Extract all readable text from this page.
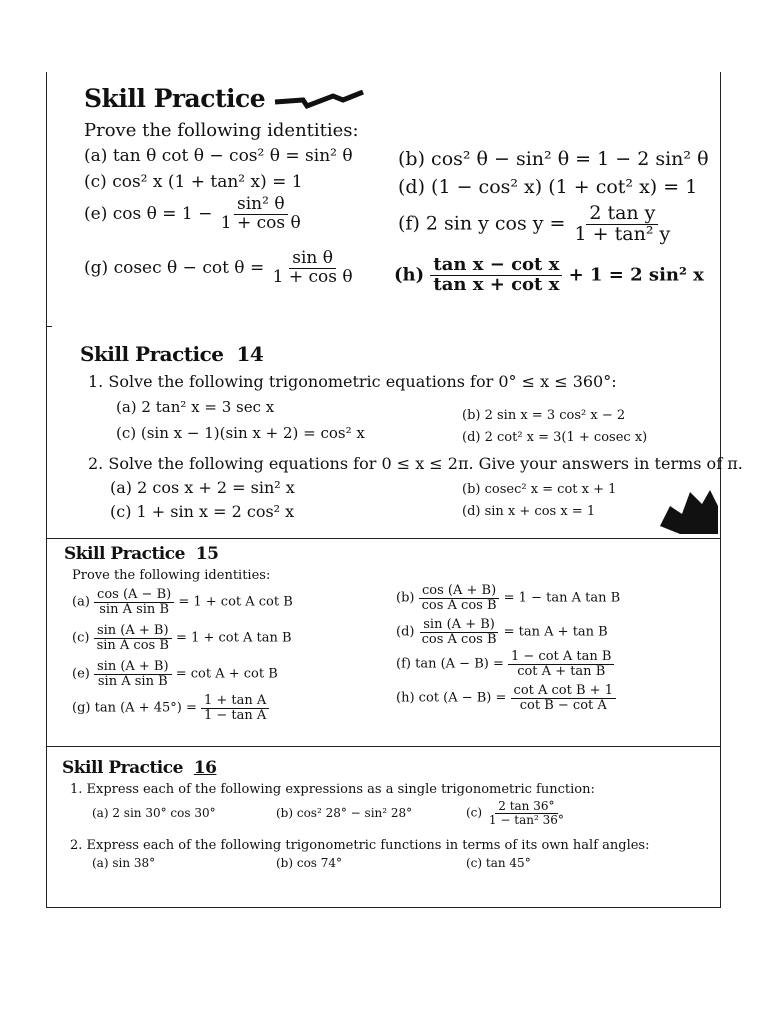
Skill Practice
Prove the following identities:
(a) tan θ cot θ − cos² θ = sin² θ (b) cos² θ − sin² θ = 1 − 2 sin² θ
(c) cos² x (1 + tan² x) = 1	(d) (1 − cos² x) (1 + cot² x) = 1
(e) $\cos \theta = 1 - \frac{\text{sin² θ}}{\text{1 + cos θ}}$	(f) 2 sin y $\cos y = \frac{\text{2 tan y}}{\text{1 + tan² y}}$
(g) cosec $\theta - \cot \theta = \frac{\text{sin θ}}{\text{1 + cos θ}} (h) \frac{\text{tan x − cot x}}{\text{tan x + cot x}} + 1 = 2$ sin² x
Skill Practice 14
1. Solve the following trigonometric equations for 0° ≤ x ≤ 360°:
(a) 2 tan² x = 3 sec x	(b) 2 sin x = 3 cos² x − 2
(c) (sin x − 1)(sin x + 2) = cos² x	(d) 2 cot² x = 3(1 + cosec x)
2. Solve the following equations for 0 ≤ x ≤ 2π. Give your answers in terms of π.
(a) 2 cos x + 2 = sin² x	(b) cosec² x = cot x + 1
(c) 1 + sin x = 2 cos² x	(d) sin x + cos x = 1
Skill Practice 15
Prove the following identities:
$(a) \frac{\cos (A - B)}{\text{sin A sin B}} = 1 + \cot A$ cot B	$(b) \frac{\cos (A + B)}{\text{cos A cos B}} = 1 - \tan A$ tan B
$(c) \frac{\sin (A + B)}{\text{sin A cos B}} = 1 + \cot A$ tan B	$(d) \frac{\sin (A + B)}{\text{cos A cos B}} = \tan A + \tan B$
$(e) \frac{\sin (A + B)}{\text{sin A sin B}} = \cot A + \cot B$
(f) $\tan (A - B) = \frac{\text{1 − cot A tan B}}{\text{cot A + tan B}}$
(g) $\tan (A + 45^\circ) = \frac{\text{1 + tan A}}{\text{1 − tan A}}$	(h) $\cot (A - B) = \frac{\text{cot A cot B + 1}}{\text{cot B − cot A}}$
Skill Practice 16
1. Express each of the following expressions as a single trigonometric function:
(a) 2 sin 30° cos 30°	(b) cos² 28° − sin² 28°	$(c) \frac{2 \tan 36^\circ}{\text{1 − tan² 36°}}$
2. Express each of the following trigonometric functions in terms of its own half angles:
(a) sin 38°	(b) cos 74°	(c) tan 45°
